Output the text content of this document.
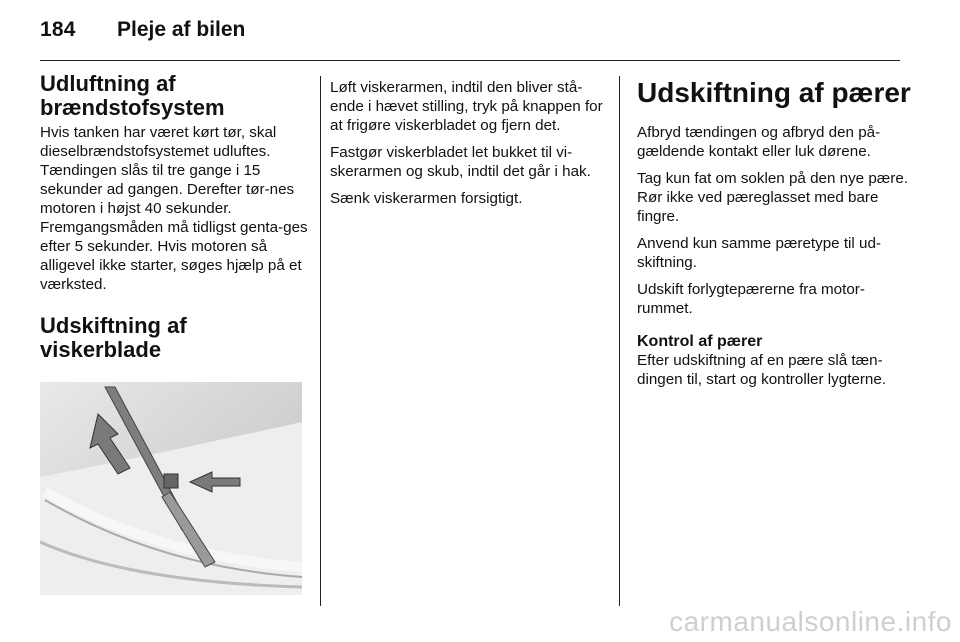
184 Pleje af bilen
Udluftning af brændstofsystem

Hvis tanken har været kørt tør, skal dieselbrændstofsystemet udluftes. Tændingen slås til tre gange i 15 sekunder ad gangen. Derefter tør-nes motoren i højst 40 sekunder. Fremgangsmåden må tidligst genta-ges efter 5 sekunder. Hvis motoren så alligevel ikke starter, søges hjælp på et værksted.

Udskiftning af viskerblade

Løft viskerarmen, indtil den bliver stå-ende i hævet stilling, tryk på knappen for at frigøre viskerbladet og fjern det.

Fastgør viskerbladet let bukket til vi-skerarmen og skub, indtil det går i hak.

Sænk viskerarmen forsigtigt.

Udskiftning af pærer

Afbryd tændingen og afbryd den på-gældende kontakt eller luk dørene.

Tag kun fat om soklen på den nye pære. Rør ikke ved pæreglasset med bare fingre.

Anvend kun samme pæretype til ud-skiftning.

Udskift forlygtepærerne fra motor-rummet.

Kontrol af pærer

Efter udskiftning af en pære slå tæn-dingen til, start og kontroller lygterne.

carmanualsonline.info
